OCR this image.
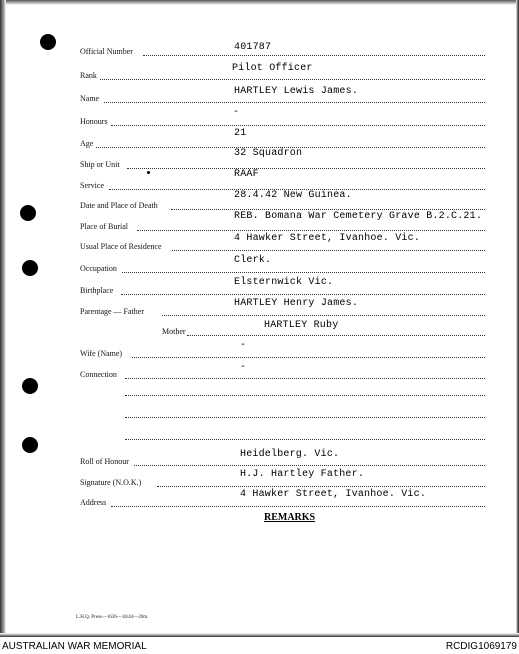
Official Number	401787
Rank
Pilot Officer
Name
HARTLEY Lewis James.
Honours
-
Age
21
Ship or Unit
32 Squadron
Service
RAAF
Date and Place of Death
28.4.42 New Guinea.
Place of Burial
REB. Bomana War Cemetery Grave B.2.C.21.
Usual Place of Residence
4 Hawker Street, Ivanhoe. Vic.
Occupation
Clerk.
Birthplace
Elsternwick Vic.
Parentage — Father
HARTLEY Henry James.
Mother
HARTLEY Ruby
Wife (Name)
-
Connection
-
Roll of Honour
Heidelberg. Vic.
Signature (N.O.K.)
H.J. Hartley Father.
Address
4 Hawker Street, Ivanhoe. Vic.
REMARKS
L.H.Q. Press—1636—18/44—20m.
AUSTRALIAN WAR MEMORIAL	RCDIG1069179
